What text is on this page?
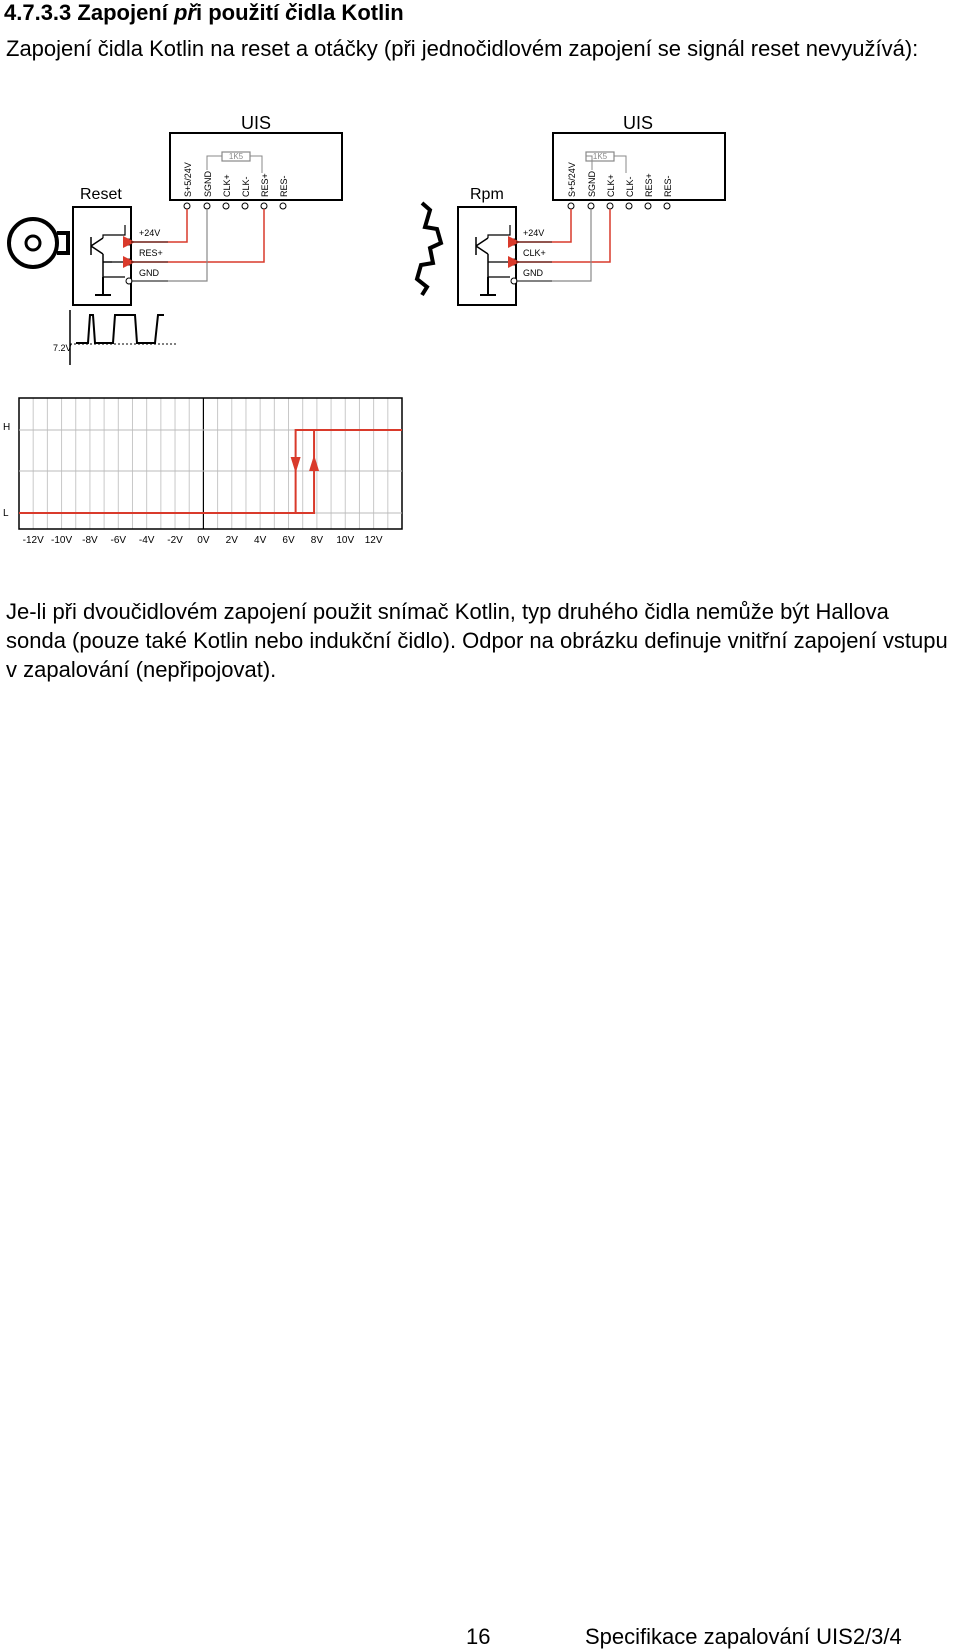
4.7.3.3 Zapojení při použití čidla Kotlin

Zapojení čidla Kotlin na reset a otáčky (při jednočidlovém zapojení se signál reset nevyužívá):

UIS
1K5
S+5/24V SGND CLK+ CLK- RES+ RES-
Reset
+24V
RES+
GND
7.2V
UIS
1K5
S+5/24V SGND CLK+ CLK- RES+ RES-
Rpm
+24V
CLK+
GND
H
L
-12V -10V -8V -6V -4V -2V 0V 2V 4V 6V 8V 10V 12V

Je-li při dvoučidlovém zapojení použit snímač Kotlin, typ druhého čidla nemůže být Hallova sonda (pouze také Kotlin nebo indukční čidlo). Odpor na obrázku definuje vnitřní zapojení vstupu v zapalování (nepřipojovat).

16	Specifikace zapalování UIS2/3/4
